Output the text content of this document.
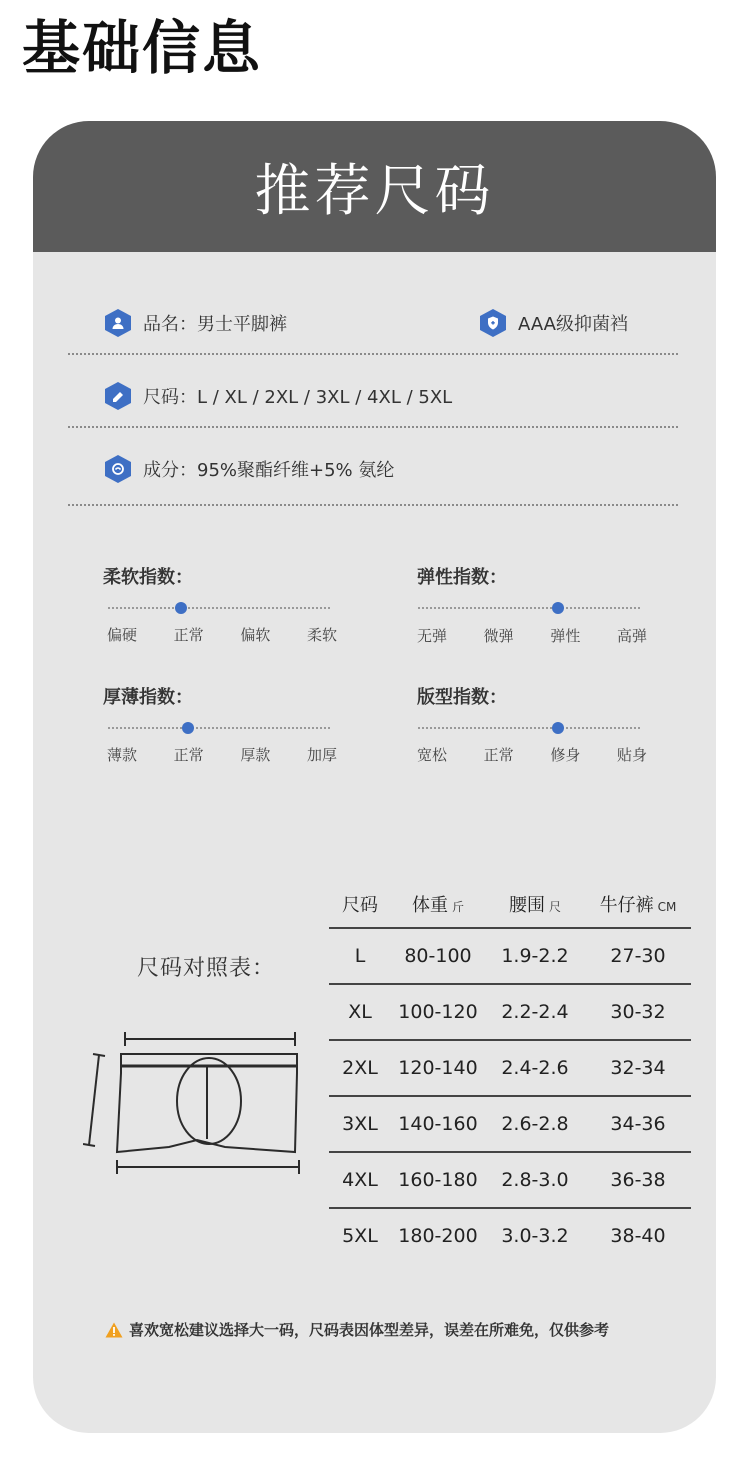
基础信息
推荐尺码
品名：男士平脚裤	AAA级抑菌裆
尺码：L / XL / 2XL / 3XL / 4XL / 5XL
成分：95%聚酯纤维+5% 氨纶
柔软指数：
偏硬 正常 偏软 柔软
弹性指数：
无弹 微弹 弹性 高弹
厚薄指数：
薄款 正常 厚款 加厚
版型指数：
宽松 正常 修身 贴身
尺码对照表：
尺码	体重 斤	腰围 尺	牛仔裤 CM
L	80-100	1.9-2.2	27-30
XL	100-120	2.2-2.4	30-32
2XL	120-140	2.4-2.6	32-34
3XL	140-160	2.6-2.8	34-36
4XL	160-180	2.8-3.0	36-38
5XL	180-200	3.0-3.2	38-40
喜欢宽松建议选择大一码，尺码表因体型差异，误差在所难免，仅供参考
